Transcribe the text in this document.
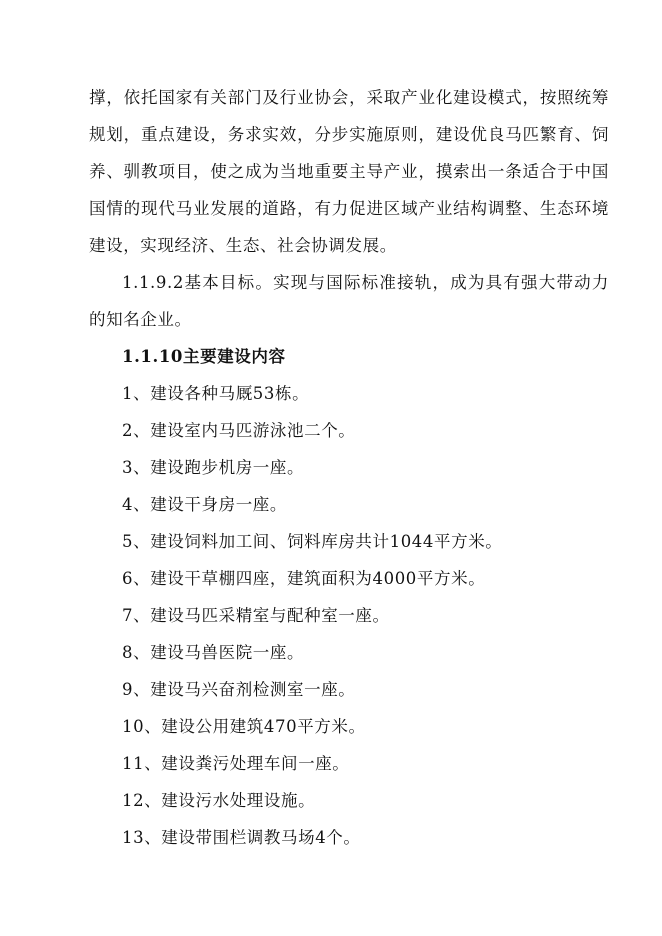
撑，依托国家有关部门及行业协会，采取产业化建设模式，按照统筹
规划，重点建设，务求实效，分步实施原则，建设优良马匹繁育、饲
养、驯教项目，使之成为当地重要主导产业，摸索出一条适合于中国
国情的现代马业发展的道路，有力促进区域产业结构调整、生态环境
建设，实现经济、生态、社会协调发展。
1.1.9.2基本目标。实现与国际标准接轨，成为具有强大带动力
的知名企业。
1.1.10主要建设内容
1、建设各种马厩53栋。
2、建设室内马匹游泳池二个。
3、建设跑步机房一座。
4、建设干身房一座。
5、建设饲料加工间、饲料库房共计1044平方米。
6、建设干草棚四座，建筑面积为4000平方米。
7、建设马匹采精室与配种室一座。
8、建设马兽医院一座。
9、建设马兴奋剂检测室一座。
10、建设公用建筑470平方米。
11、建设粪污处理车间一座。
12、建设污水处理设施。
13、建设带围栏调教马场4个。
